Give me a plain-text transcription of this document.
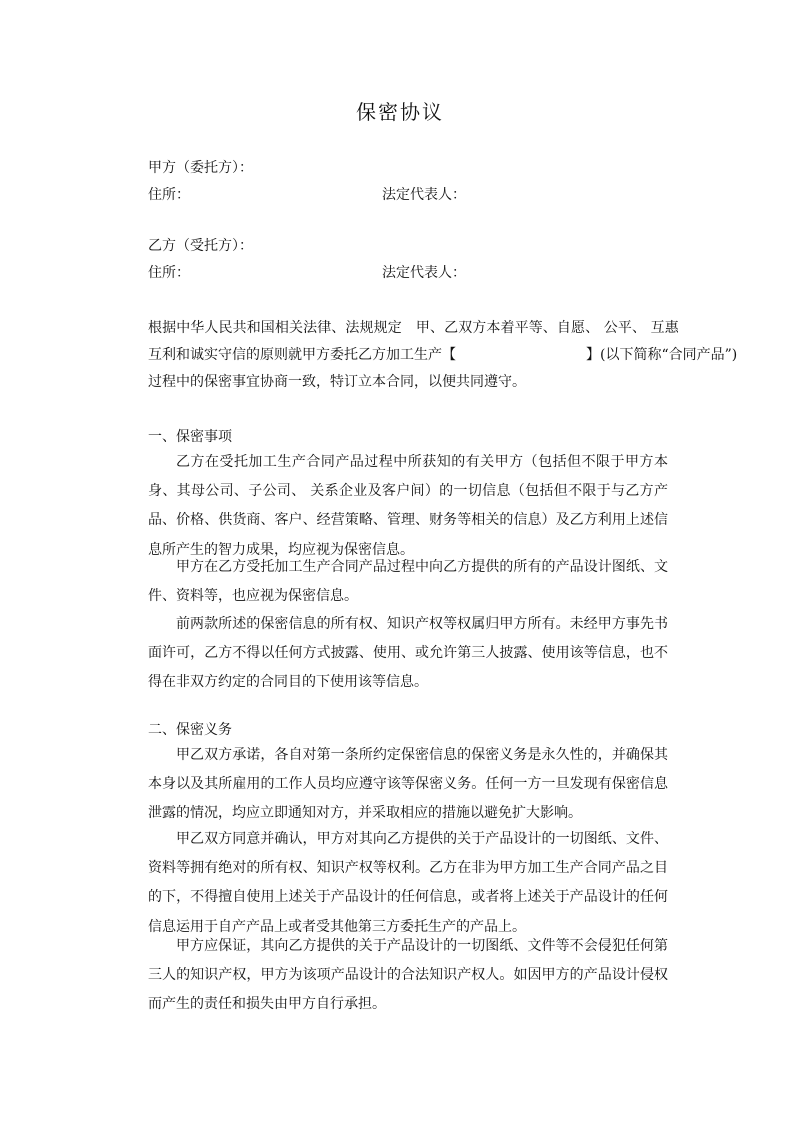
保密协议
甲方（委托方）：
住所：	法定代表人：
乙方（受托方）：
住所：	法定代表人：
根据中华人民共和国相关法律、法规规定　甲、乙双方本着平等、自愿、 公平、 互惠
互利和诚实守信的原则就甲方委托乙方加工生产【	】(以下简称“合同产品”)
过程中的保密事宜协商一致，特订立本合同，以便共同遵守。
一、保密事项
乙方在受托加工生产合同产品过程中所获知的有关甲方（包括但不限于甲方本身、其母公司、子公司、 关系企业及客户间）的一切信息（包括但不限于与乙方产品、价格、供货商、客户、经营策略、管理、财务等相关的信息）及乙方利用上述信息所产生的智力成果，均应视为保密信息。
甲方在乙方受托加工生产合同产品过程中向乙方提供的所有的产品设计图纸、文件、资料等，也应视为保密信息。
前两款所述的保密信息的所有权、知识产权等权属归甲方所有。未经甲方事先书面许可，乙方不得以任何方式披露、使用、或允许第三人披露、使用该等信息，也不得在非双方约定的合同目的下使用该等信息。
二、保密义务
甲乙双方承诺，各自对第一条所约定保密信息的保密义务是永久性的，并确保其本身以及其所雇用的工作人员均应遵守该等保密义务。任何一方一旦发现有保密信息泄露的情况，均应立即通知对方，并采取相应的措施以避免扩大影响。
甲乙双方同意并确认，甲方对其向乙方提供的关于产品设计的一切图纸、文件、资料等拥有绝对的所有权、知识产权等权利。乙方在非为甲方加工生产合同产品之目的下，不得擅自使用上述关于产品设计的任何信息，或者将上述关于产品设计的任何信息运用于自产产品上或者受其他第三方委托生产的产品上。
甲方应保证，其向乙方提供的关于产品设计的一切图纸、文件等不会侵犯任何第三人的知识产权，甲方为该项产品设计的合法知识产权人。如因甲方的产品设计侵权而产生的责任和损失由甲方自行承担。
